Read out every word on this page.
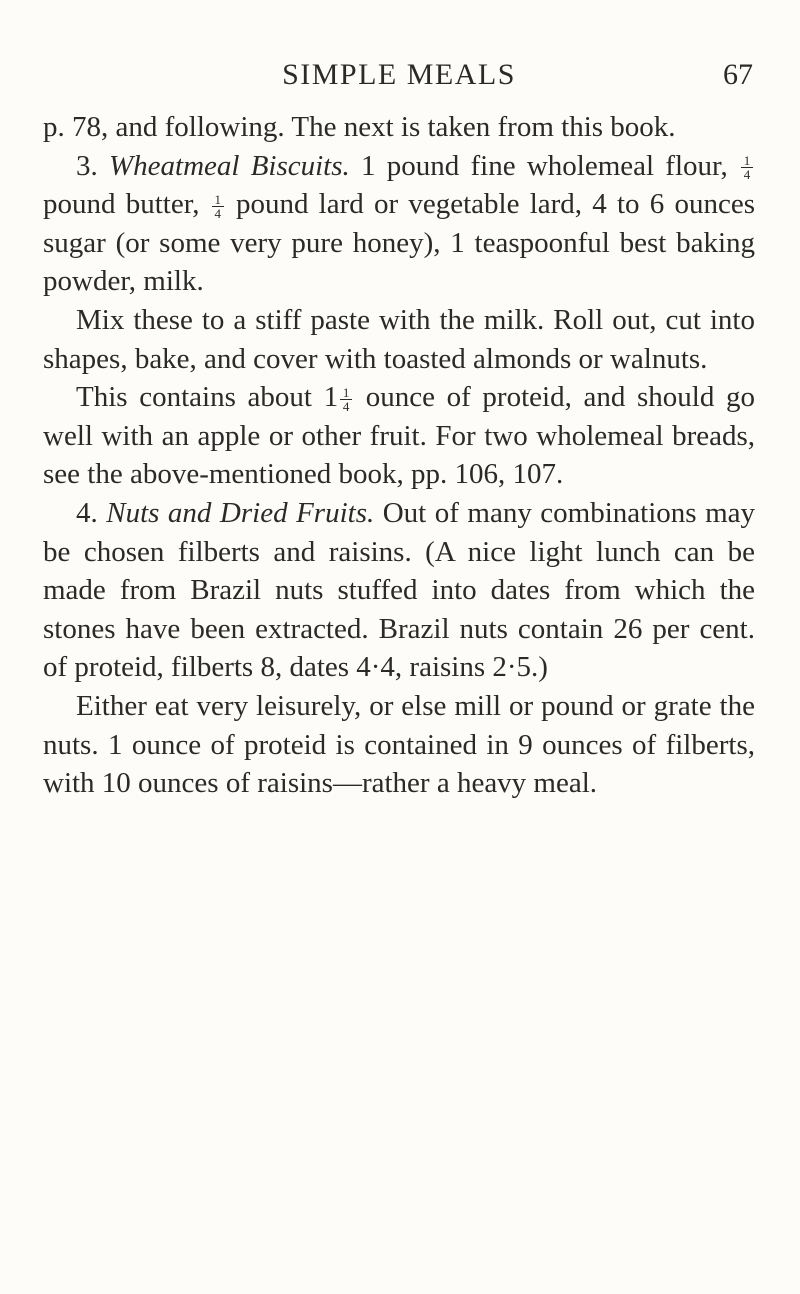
SIMPLE MEALS	67

p. 78, and following. The next is taken from this book.

3. Wheatmeal Biscuits. 1 pound fine wholemeal flour, $\frac{1}{4}$
pound butter, $\frac{1}{4}$ pound lard or vegetable lard, 4 to 6 ounces sugar (or some very pure honey), 1 teaspoonful best baking powder, milk.

Mix these to a stiff paste with the milk. Roll out, cut into shapes, bake, and cover with toasted almonds or walnuts.

This contains about $1 \frac{1}{4}$ ounce of proteid, and should go well with an apple or other fruit. For two wholemeal breads, see the above-mentioned book, pp. 106, 107.

4. Nuts and Dried Fruits. Out of many combinations may be chosen filberts and raisins. (A nice light lunch can be made from Brazil nuts stuffed into dates from which the stones have been extracted. Brazil nuts contain 26 per cent. of proteid, filberts 8, dates 4·4, raisins 2·5.)

Either eat very leisurely, or else mill or pound or grate the nuts. 1 ounce of proteid is contained in 9 ounces of filberts, with 10 ounces of raisins—rather a heavy meal.
